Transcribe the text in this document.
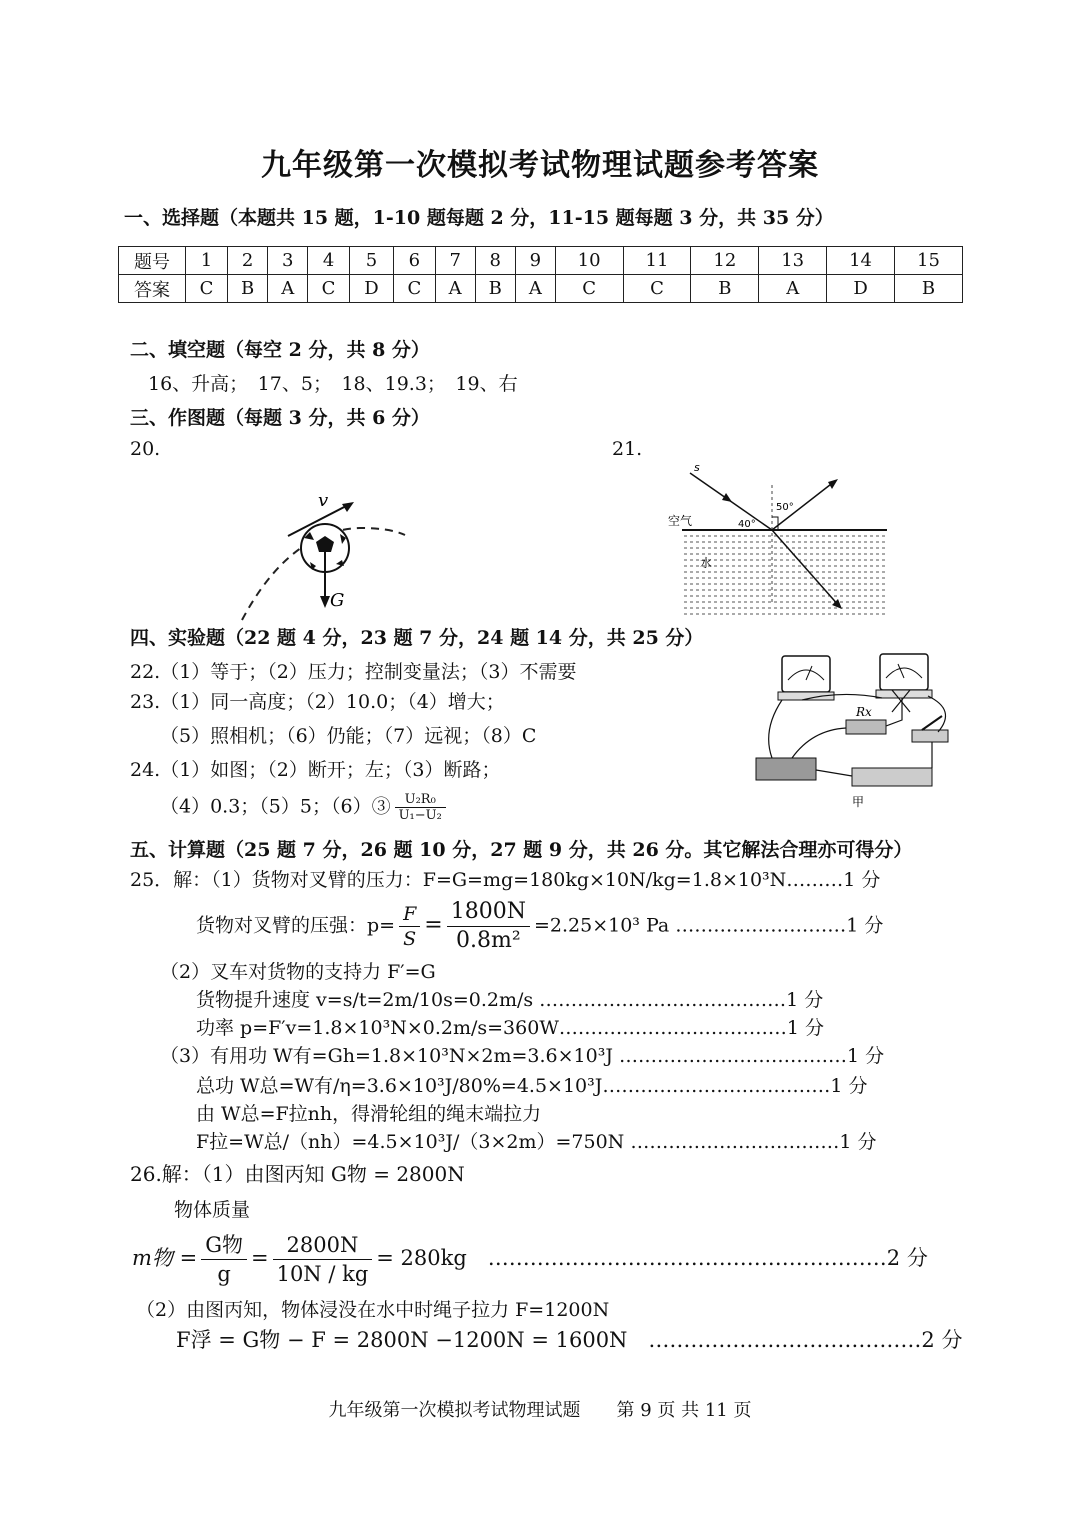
九年级第一次模拟考试物理试题参考答案
一、选择题（本题共 15 题，1-10 题每题 2 分，11-15 题每题 3 分，共 35 分）
题号	1	2	3	4	5	6	7	8	9	10	11	12	13	14	15
答案	C	B	A	C	D	C	A	B	A	C	C	B	A	D	B
二、填空题（每空 2 分，共 8 分）
16、升高；　17、5；　18、19.3；　19、右
三、作图题（每题 3 分，共 6 分）
20.	21.
v
G
s
空气
水
50°
40°
四、实验题（22 题 4 分，23 题 7 分，24 题 14 分，共 25 分）
22.（1）等于；（2）压力；控制变量法；（3）不需要
23.（1）同一高度；（2）10.0；（4）增大；
（5）照相机；（6）仍能；（7）远视；（8）C
24.（1）如图；（2）断开；左；（3）断路；
（4）0.3；（5）5；（6）③ $\frac{\text{U₂R₀}}{\text{U₁−U₂}}$
Rx
甲
五、计算题（25 题 7 分，26 题 10 分，27 题 9 分，共 26 分。其它解法合理亦可得分）
25．解：（1）货物对叉臂的压力：F=G=mg=180kg×10N/kg=1.8×10³N………1 分
货物对叉臂的压强：$p= \frac{F}{S} = \frac{1800N}{\text{0.8m²}} =2.25\times 10^3$ Pa ………………………1 分
（2）叉车对货物的支持力 F′=G
货物提升速度 v=s/t=2m/10s=0.2m/s …………………………………1 分
功率 p=F′v=1.8×10³N×0.2m/s=360W………………………………1 分
（3）有用功 W有=Gh=1.8×10³N×2m=3.6×10³J ………………………………1 分
总功 W总=W有/η=3.6×10³J/80%=4.5×10³J………………………………1 分
由 W总=F拉nh，得滑轮组的绳末端拉力
F拉=W总/（nh）=4.5×10³J/（3×2m）=750N ……………………………1 分
26.解：（1）由图丙知 G物 = 2800N
物体质量
m物 = $\frac{\text{G物}}{g} = \frac{2800N}{10N / kg} = 280kg$　…………………………………………………2 分
（2）由图丙知，物体浸没在水中时绳子拉力 F=1200N
F浮 = G物 − F = 2800N −1200N = 1600N　…………………………………2 分
九年级第一次模拟考试物理试题　　第 9 页 共 11 页
